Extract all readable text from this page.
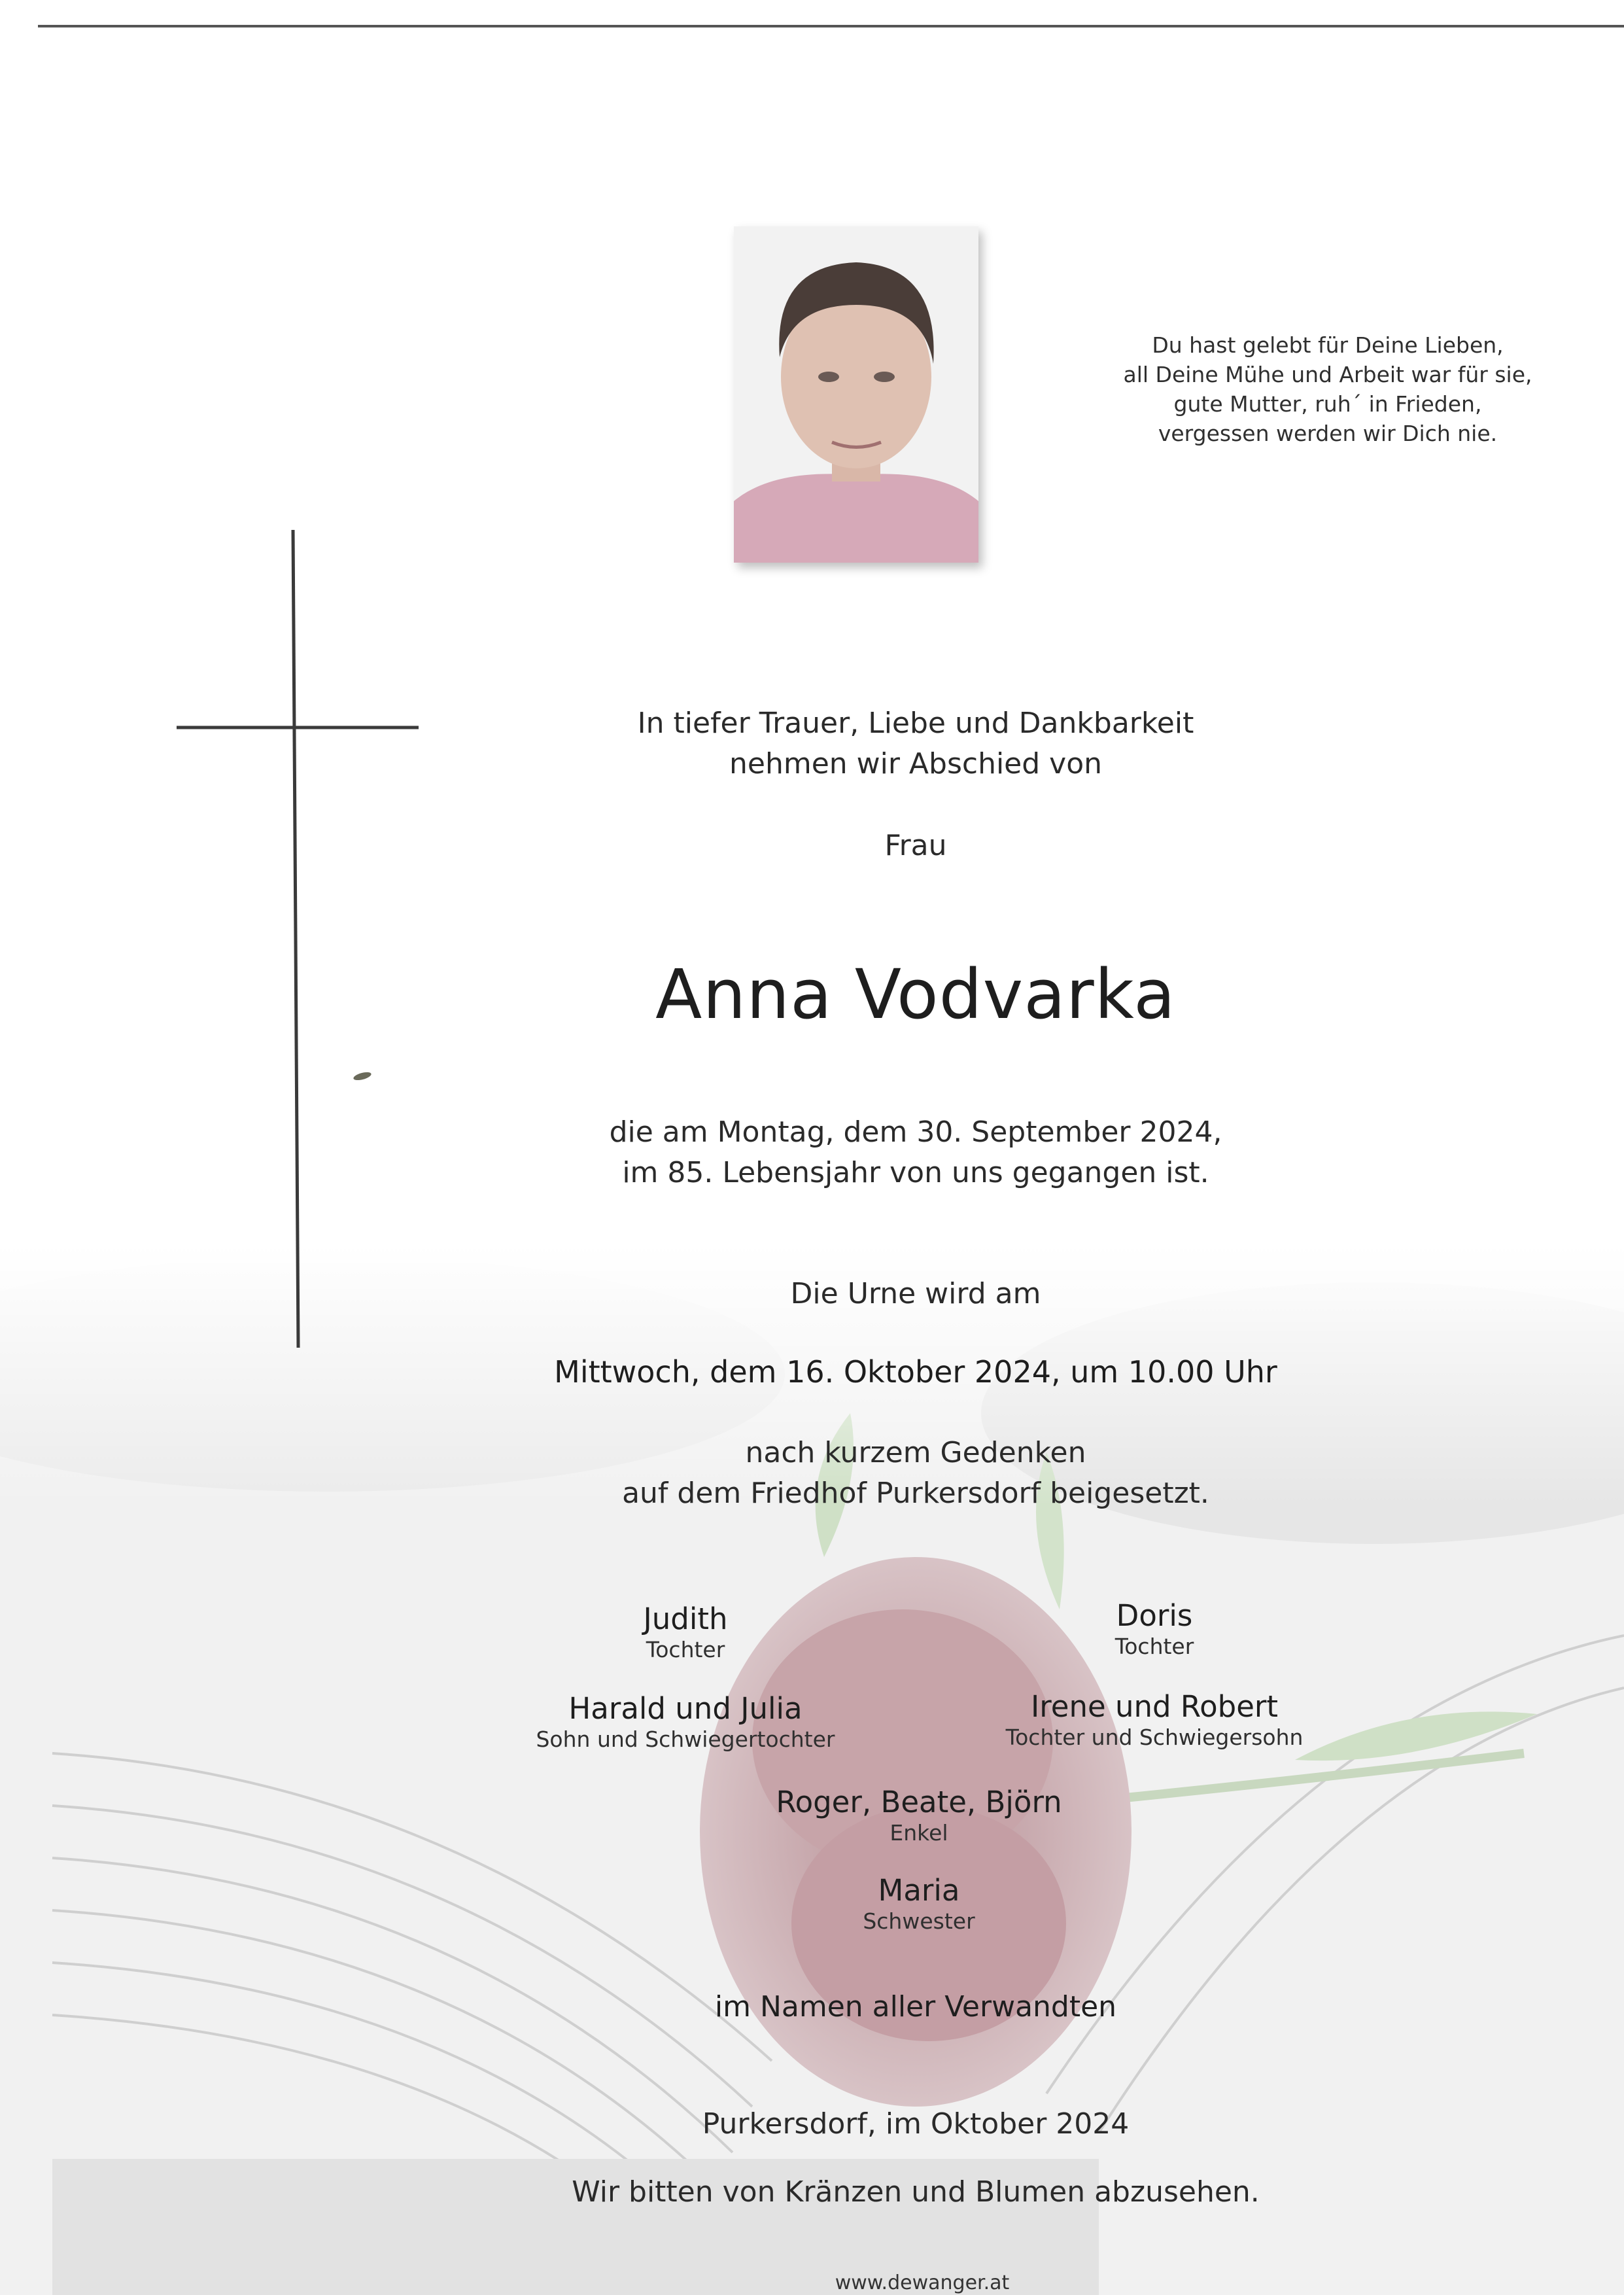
Du hast gelebt für Deine Lieben,
all Deine Mühe und Arbeit war für sie,
gute Mutter, ruh´ in Frieden,
vergessen werden wir Dich nie.
In tiefer Trauer, Liebe und Dankbarkeit
nehmen wir Abschied von
Frau
Anna Vodvarka
die am Montag, dem 30. September 2024,
im 85. Lebensjahr von uns gegangen ist.
Die Urne wird am
Mittwoch, dem 16. Oktober 2024, um 10.00 Uhr
nach kurzem Gedenken
auf dem Friedhof Purkersdorf beigesetzt.
Judith
Tochter
Doris
Tochter
Harald und Julia
Sohn und Schwiegertochter
Irene und Robert
Tochter und Schwiegersohn
Roger, Beate, Björn
Enkel
Maria
Schwester
im Namen aller Verwandten
Purkersdorf, im Oktober 2024
Wir bitten von Kränzen und Blumen abzusehen.
www.dewanger.at
